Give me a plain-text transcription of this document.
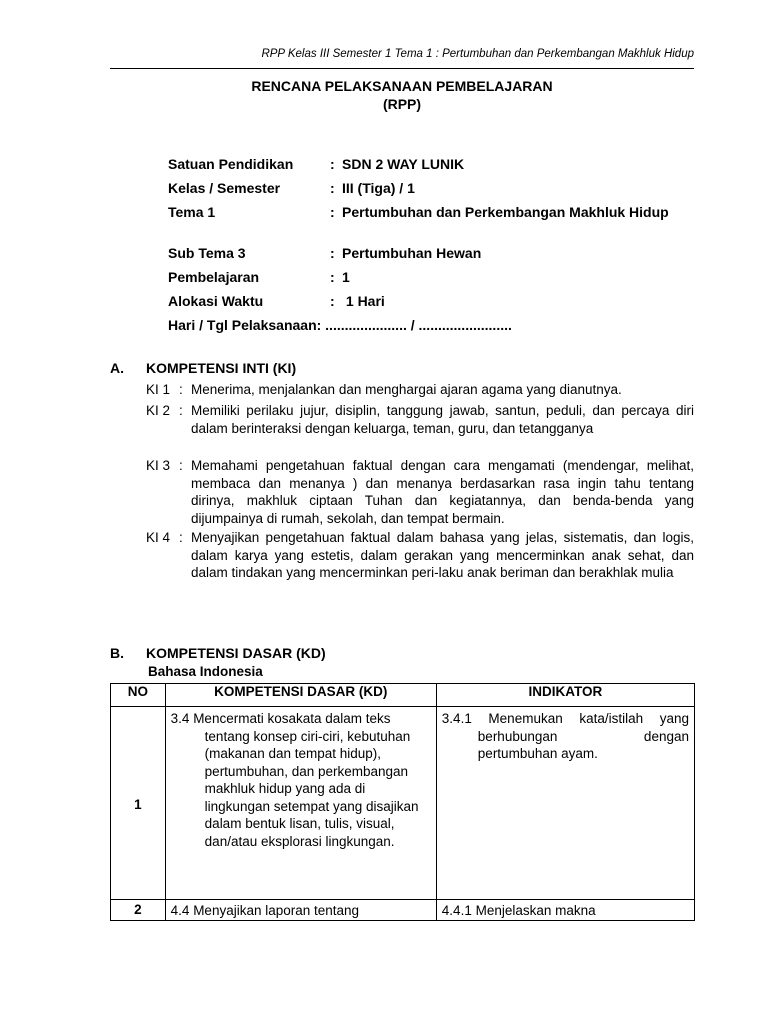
RPP Kelas III Semester 1 Tema 1 : Pertumbuhan dan Perkembangan Makhluk Hidup
RENCANA PELAKSANAAN PEMBELAJARAN
(RPP)
Satuan Pendidikan	: SDN 2 WAY LUNIK
Kelas / Semester	: III (Tiga) / 1
Tema 1	: Pertumbuhan dan Perkembangan Makhluk Hidup
Sub Tema 3	: Pertumbuhan Hewan
Pembelajaran	: 1
Alokasi Waktu	: 1 Hari
Hari / Tgl Pelaksanaan: ..................... / ........................
A. KOMPETENSI INTI (KI)
KI 1 : Menerima, menjalankan dan menghargai ajaran agama yang dianutnya.
KI 2 : Memiliki perilaku jujur, disiplin, tanggung jawab, santun, peduli, dan percaya diri dalam berinteraksi dengan keluarga, teman, guru, dan tetangganya
KI 3 : Memahami pengetahuan faktual dengan cara mengamati (mendengar, melihat, membaca dan menanya ) dan menanya berdasarkan rasa ingin tahu tentang dirinya, makhluk ciptaan Tuhan dan kegiatannya, dan benda-benda yang dijumpainya di rumah, sekolah, dan tempat bermain.
KI 4 : Menyajikan pengetahuan faktual dalam bahasa yang jelas, sistematis, dan logis, dalam karya yang estetis, dalam gerakan yang mencerminkan anak sehat, dan dalam tindakan yang mencerminkan peri-laku anak beriman dan berakhlak mulia
B. KOMPETENSI DASAR (KD)
Bahasa Indonesia
NO	KOMPETENSI DASAR (KD)	INDIKATOR
1	3.4 Mencermati kosakata dalam teks tentang konsep ciri-ciri, kebutuhan (makanan dan tempat hidup), pertumbuhan, dan perkembangan makhluk hidup yang ada di lingkungan setempat yang disajikan dalam bentuk lisan, tulis, visual, dan/atau eksplorasi lingkungan.	3.4.1 Menemukan kata/istilah yang berhubungan dengan pertumbuhan ayam.

2	4.4 Menyajikan laporan tentang	4.4.1 Menjelaskan makna
